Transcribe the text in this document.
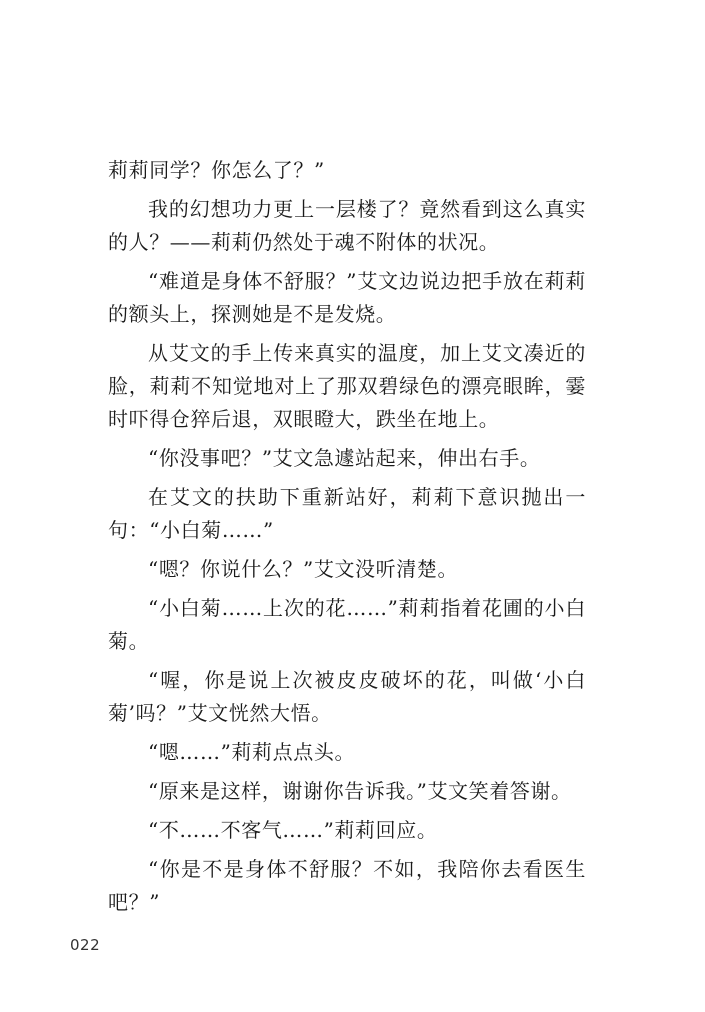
莉莉同学？你怎么了？”

我的幻想功力更上一层楼了？竟然看到这么真实的人？——莉莉仍然处于魂不附体的状况。

“难道是身体不舒服？”艾文边说边把手放在莉莉的额头上，探测她是不是发烧。

从艾文的手上传来真实的温度，加上艾文凑近的脸，莉莉不知觉地对上了那双碧绿色的漂亮眼眸，霎时吓得仓猝后退，双眼瞪大，跌坐在地上。

“你没事吧？”艾文急遽站起来，伸出右手。

在艾文的扶助下重新站好，莉莉下意识抛出一句：“小白菊……”

“嗯？你说什么？”艾文没听清楚。

“小白菊……上次的花……”莉莉指着花圃的小白菊。

“喔，你是说上次被皮皮破坏的花，叫做‘小白菊’吗？”艾文恍然大悟。

“嗯……”莉莉点点头。

“原来是这样，谢谢你告诉我。”艾文笑着答谢。

“不……不客气……”莉莉回应。

“你是不是身体不舒服？不如，我陪你去看医生吧？”

022
